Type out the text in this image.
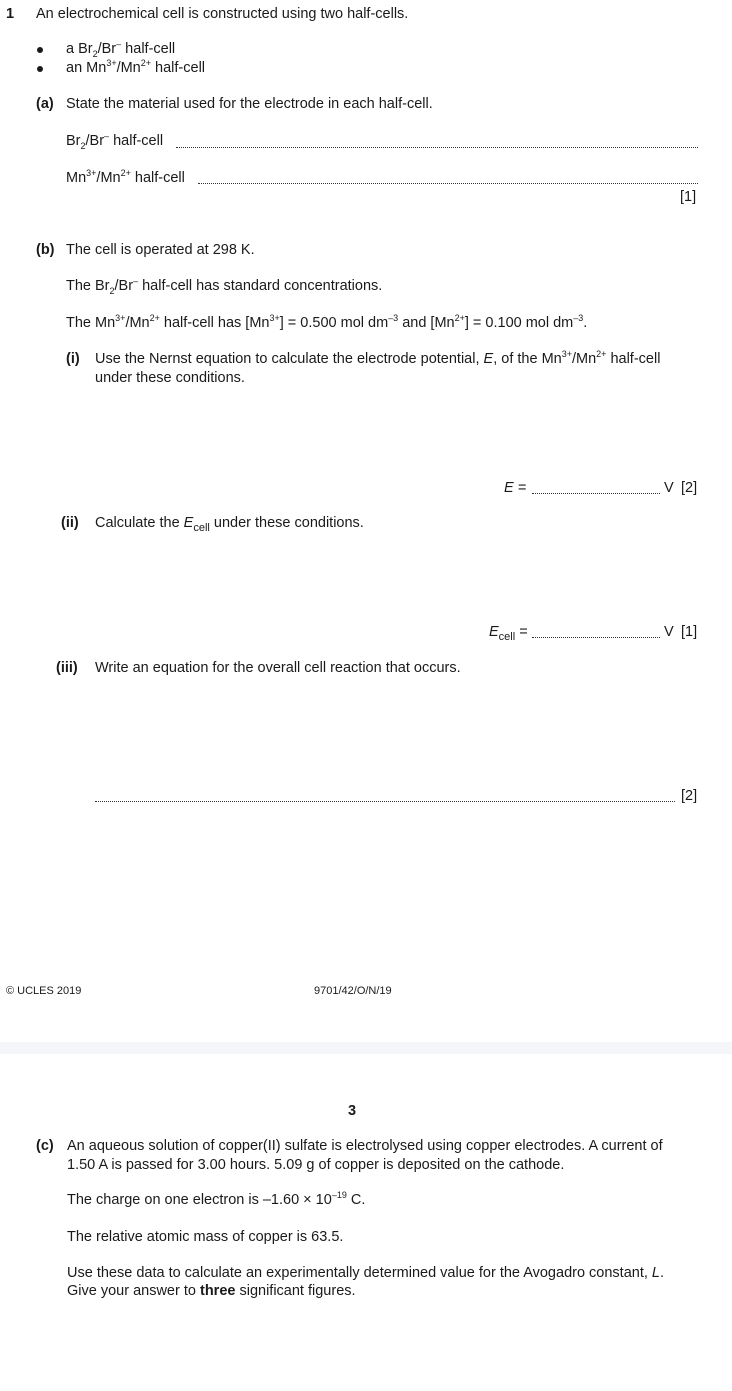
1 An electrochemical cell is constructed using two half-cells.
a $Br_2/Br^-$ half-cell
an $Mn^{3+}/Mn^{2+}$ half-cell
(a) State the material used for the electrode in each half-cell.
$Br_2/Br^-$ half-cell
$Mn^{3+}/Mn^{2+}$ half-cell
[1]
(b) The cell is operated at 298 K.
The $Br_2/Br^-$ half-cell has standard concentrations.
The $Mn^{3+}/Mn^{2+}$ half-cell has $[Mn^{3+}] = 0.500$ mol $dm^{-3}$ and $[Mn^{2+}] = 0.100$ mol $dm^{-3}$.
(i) Use the Nernst equation to calculate the electrode potential, E, of the $Mn^{3+}/Mn^{2+}$ half-cell
under these conditions.
E =	V [2]
(ii) Calculate the $E_{cell}$ under these conditions.
$E_{cell}$ =	V [1]
(iii) Write an equation for the overall cell reaction that occurs.
[2]
© UCLES 2019	9701/42/O/N/19
3
(c) An aqueous solution of copper(II) sulfate is electrolysed using copper electrodes. A current of
1.50 A is passed for 3.00 hours. 5.09 g of copper is deposited on the cathode.
The charge on one electron is $-1.60 \times 10^{-19}$ C.
The relative atomic mass of copper is 63.5.
Use these data to calculate an experimentally determined value for the Avogadro constant, L.
Give your answer to three significant figures.
